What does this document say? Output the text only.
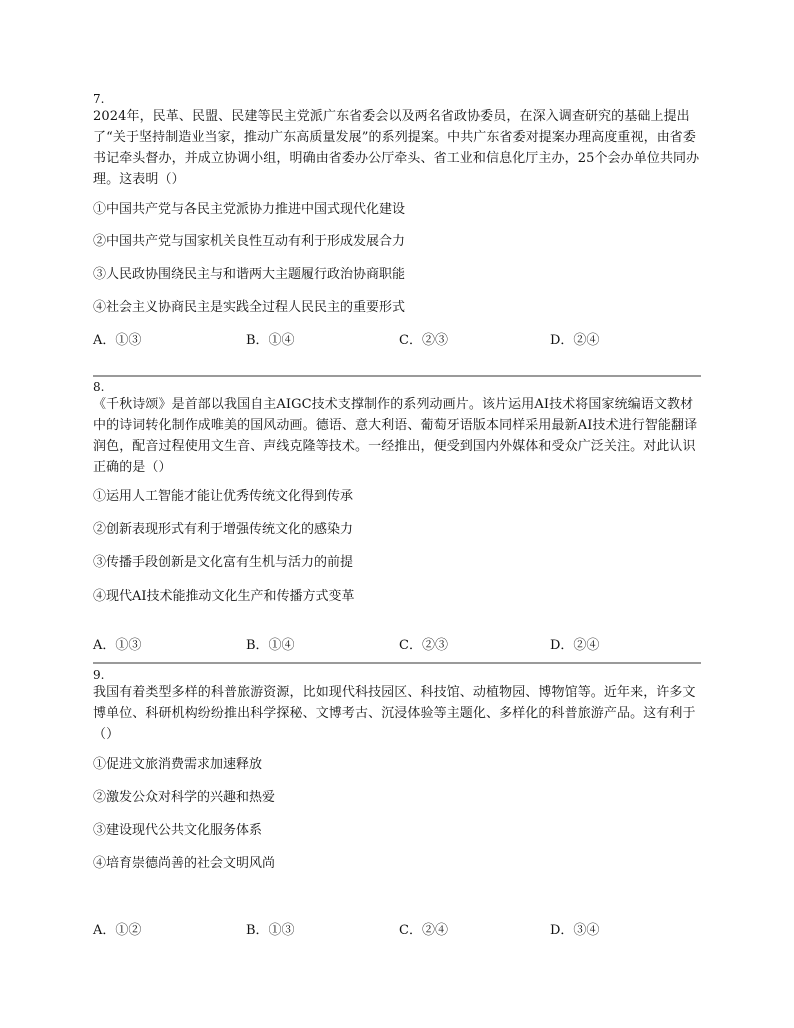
7.
2024年，民革、民盟、民建等民主党派广东省委会以及两名省政协委员，在深入调查研究的基础上提出了“关于坚持制造业当家，推动广东高质量发展”的系列提案。中共广东省委对提案办理高度重视，由省委书记牵头督办，并成立协调小组，明确由省委办公厅牵头、省工业和信息化厅主办，25个会办单位共同办理。这表明（）
①中国共产党与各民主党派协力推进中国式现代化建设
②中国共产党与国家机关良性互动有利于形成发展合力
③人民政协围绕民主与和谐两大主题履行政治协商职能
④社会主义协商民主是实践全过程人民民主的重要形式
A．①③	B．①④	C．②③	D．②④
8.
《千秋诗颂》是首部以我国自主AIGC技术支撑制作的系列动画片。该片运用AI技术将国家统编语文教材中的诗词转化制作成唯美的国风动画。德语、意大利语、葡萄牙语版本同样采用最新AI技术进行智能翻译润色，配音过程使用文生音、声线克隆等技术。一经推出，便受到国内外媒体和受众广泛关注。对此认识正确的是（）
①运用人工智能才能让优秀传统文化得到传承
②创新表现形式有利于增强传统文化的感染力
③传播手段创新是文化富有生机与活力的前提
④现代AI技术能推动文化生产和传播方式变革
A．①③	B．①④	C．②③	D．②④
9.
我国有着类型多样的科普旅游资源，比如现代科技园区、科技馆、动植物园、博物馆等。近年来，许多文博单位、科研机构纷纷推出科学探秘、文博考古、沉浸体验等主题化、多样化的科普旅游产品。这有利于（）
①促进文旅消费需求加速释放
②激发公众对科学的兴趣和热爱
③建设现代公共文化服务体系
④培育崇德尚善的社会文明风尚
A．①②	B．①③	C．②④	D．③④
